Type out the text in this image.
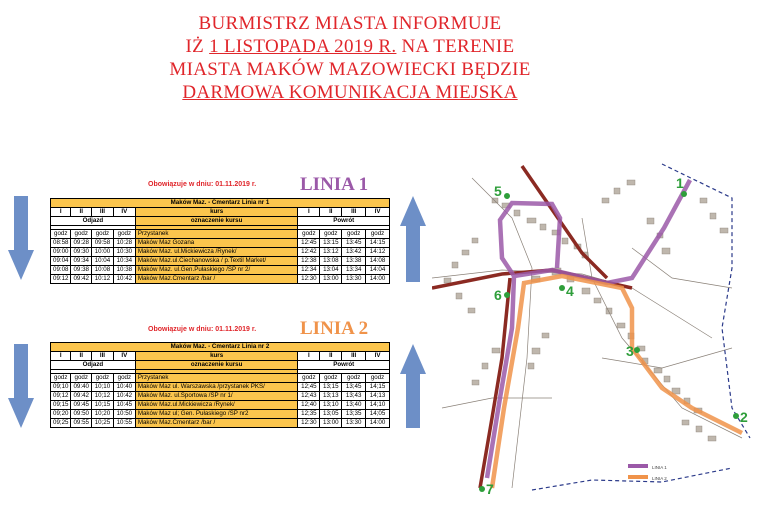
BURMISTRZ MIASTA INFORMUJE
IŻ 1 LISTOPADA 2019 R. NA TERENIE
MIASTA MAKÓW MAZOWIECKI BĘDZIE
DARMOWA KOMUNIKACJA MIEJSKA
Obowiązuje w dniu: 01.11.2019 r. LINIA 1
Maków Maz. - Cmentarz Linia nr 1								
I	II	III	IV	kurs	I	II	III	IV
Odjazd				oznaczenie kursu	Powrót			

godz	godz	godz	godz	Przystanek	godz	godz	godz	godz
08:58	09:28	09:58	10:28	Maków Maz Gozana	12:45	13:15	13:45	14:15
09:00	09:30	10:00	10:30	Maków Maz. ul.Mickiewicza /Rynek/	12:42	13:12	13:42	14:12
09:04	09:34	10:04	10:34	Maków Maz.ul.Ciechanowska / p.Textil Market/	12:38	13:08	13:38	14:08
09:08	09:38	10:08	10:38	Maków Maz. ul.Gen.Pułaskiego /SP nr 2/	12:34	13:04	13:34	14:04
09:12	09:42	10:12	10:42	Maków Maz.Cmentarz /bar /	12:30	13:00	13:30	14:00
Obowiązuje w dniu: 01.11.2019 r. LINIA 2
Maków Maz. - Cmentarz Linia nr 2								
I	II	III	IV	kurs	I	II	III	IV
Odjazd				oznaczenie kursu	Powrót			

godz	godz	godz	godz	Przystanek	godz	godz	godz	godz
09;10	09:40	10;10	10:40	Maków Maz ul. Warszawska /przystanek PKS/	12;45	13;15	13;45	14;15
09;12	09:42	10;12	10:42	Maków Maz. ul.Sportowa /SP nr 1/	12;43	13;13	13;43	14;13
09;15	09:45	10;15	10:45	Maków Maz.ul.Mickiewicza /Rynek/	12;40	13;10	13;40	14;10
09;20	09:50	10;20	10:50	Maków Maz ul; Gen. Pułaskiego /SP nr2	12;35	13;05	13;35	14;05
09;25	09:55	10;25	10:55	Maków Maz.Cmentarz /bar /	12:30	13:00	13:30	14:00
1
2
3
4
5
6
7
LINIA 1
LINIA 2
